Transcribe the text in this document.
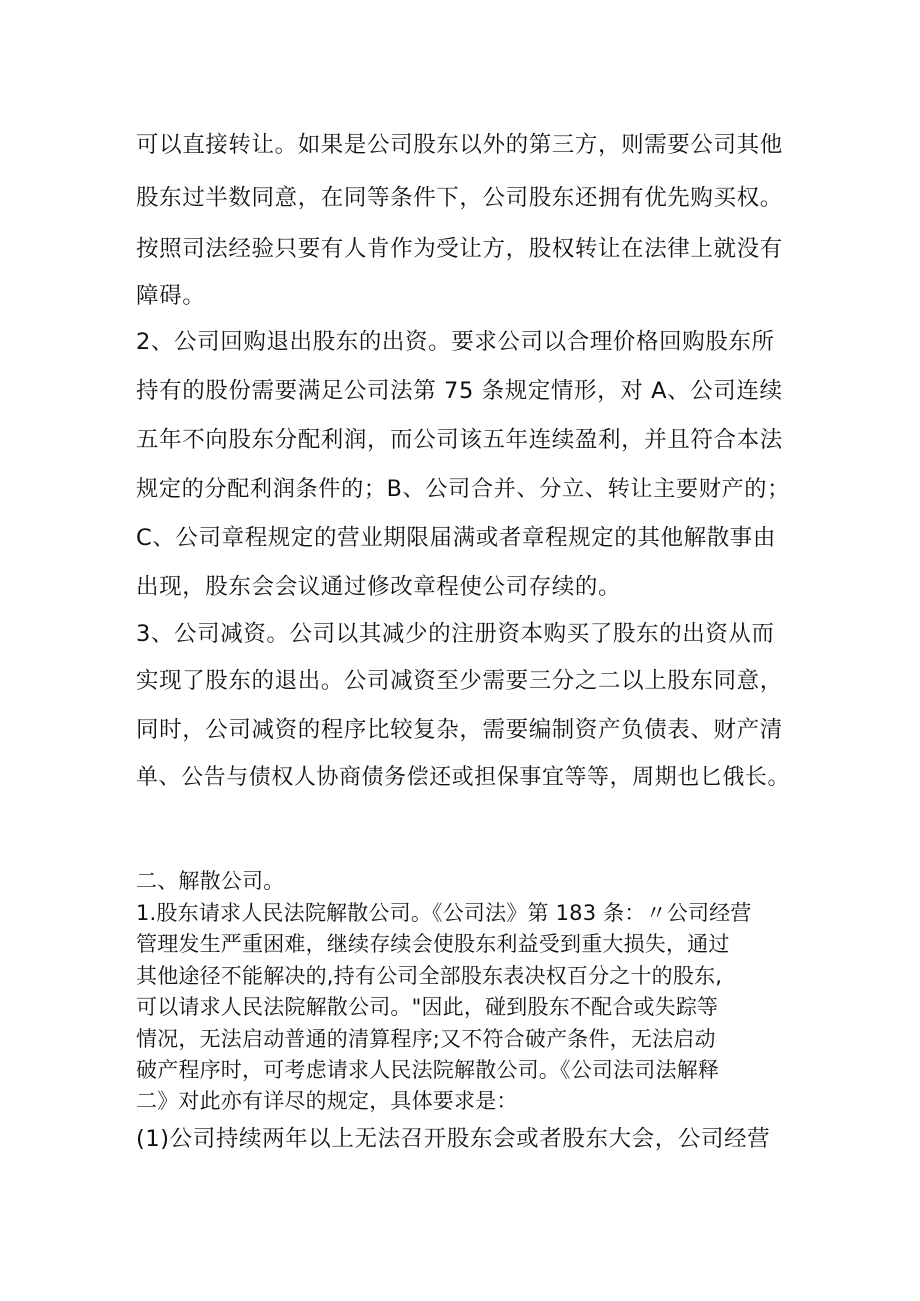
可以直接转让。如果是公司股东以外的第三方，则需要公司其他
股东过半数同意，在同等条件下，公司股东还拥有优先购买权。
按照司法经验只要有人肯作为受让方，股权转让在法律上就没有
障碍。
2、公司回购退出股东的出资。要求公司以合理价格回购股东所
持有的股份需要满足公司法第 75 条规定情形，对 A、公司连续
五年不向股东分配利润，而公司该五年连续盈利，并且符合本法
规定的分配利润条件的；B、公司合并、分立、转让主要财产的；
C、公司章程规定的营业期限届满或者章程规定的其他解散事由
出现，股东会会议通过修改章程使公司存续的。
3、公司减资。公司以其减少的注册资本购买了股东的出资从而
实现了股东的退出。公司减资至少需要三分之二以上股东同意，
同时，公司减资的程序比较复杂，需要编制资产负债表、财产清
单、公告与债权人协商债务偿还或担保事宜等等，周期也匕俄长。
二、解散公司。
1.股东请求人民法院解散公司。《公司法》第 183 条：〃公司经营
管理发生严重困难，继续存续会使股东利益受到重大损失，通过
其他途径不能解决的,持有公司全部股东表决权百分之十的股东,
可以请求人民法院解散公司。"因此，碰到股东不配合或失踪等
情况，无法启动普通的清算程序;又不符合破产条件，无法启动
破产程序时，可考虑请求人民法院解散公司。《公司法司法解释
二》对此亦有详尽的规定，具体要求是：
(1)公司持续两年以上无法召开股东会或者股东大会，公司经营
